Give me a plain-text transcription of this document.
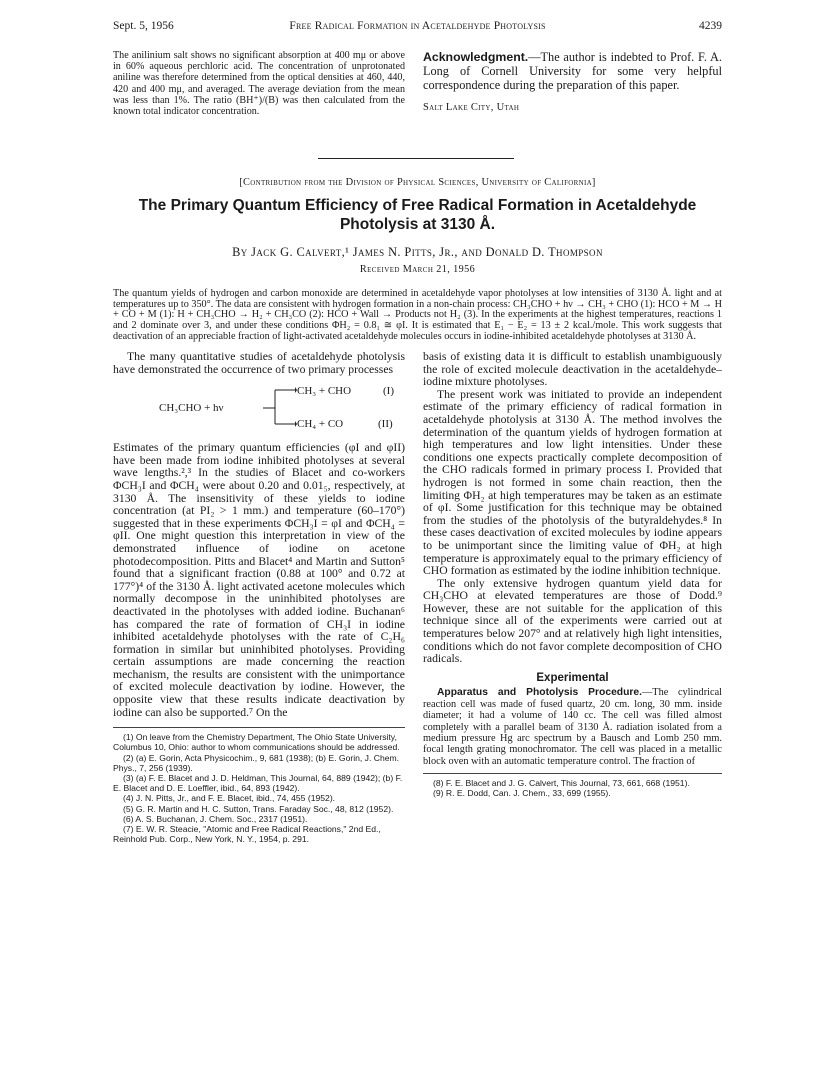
Sept. 5, 1956	Free Radical Formation in Acetaldehyde Photolysis	4239
The anilinium salt shows no significant absorption at 400 mμ or above in 60% aqueous perchloric acid. The concentration of unprotonated aniline was therefore determined from the optical densities at 460, 440, 420 and 400 mμ, and averaged. The average deviation from the mean was less than 1%. The ratio (BH⁺)/(B) was then calculated from the known total indicator concentration.
Acknowledgment.—The author is indebted to Prof. F. A. Long of Cornell University for some very helpful correspondence during the preparation of this paper.
Salt Lake City, Utah
[Contribution from the Division of Physical Sciences, University of California]
The Primary Quantum Efficiency of Free Radical Formation in Acetaldehyde Photolysis at 3130 Å.
By Jack G. Calvert,¹ James N. Pitts, Jr., and Donald D. Thompson
Received March 21, 1956
The quantum yields of hydrogen and carbon monoxide are determined in acetaldehyde vapor photolyses at low intensities of 3130 Å. light and at temperatures up to 350°. The data are consistent with hydrogen formation in a non-chain process: CH₃CHO + hν → CH₃ + CHO (1): HCO + M → H + CO + M (1): H + CH₃CHO → H₂ + CH₃CO (2): HCO + Wall → Products not H₂ (3). In the experiments at the highest temperatures, reactions 1 and 2 dominate over 3, and under these conditions ΦH₂ = 0.8₁ ≅ φI. It is estimated that E₁ − E₂ = 13 ± 2 kcal./mole. This work suggests that deactivation of an appreciable fraction of light-activated acetaldehyde molecules occurs in iodine-inhibited acetaldehyde photolyses at 3130 Å.
The many quantitative studies of acetaldehyde photolysis have demonstrated the occurrence of two primary processes
CH₃CHO + hν
CH₃ + CHO	(I)
CH₄ + CO	(II)
Estimates of the primary quantum efficiencies (φI and φII) have been made from iodine inhibited photolyses at several wave lengths.²,³ In the studies of Blacet and co-workers ΦCH₃I and ΦCH₄ were about 0.20 and 0.01₅, respectively, at 3130 Å. The insensitivity of these yields to iodine concentration (at PI₂ > 1 mm.) and temperature (60–170°) suggested that in these experiments ΦCH₃I = φI and ΦCH₄ = φII. One might question this interpretation in view of the demonstrated influence of iodine on acetone photodecomposition. Pitts and Blacet⁴ and Martin and Sutton⁵ found that a significant fraction (0.88 at 100° and 0.72 at 177°)⁴ of the 3130 Å. light activated acetone molecules which normally decompose in the uninhibited photolyses are deactivated in the photolyses with added iodine. Buchanan⁶ has compared the rate of formation of CH₃I in iodine inhibited acetaldehyde photolyses with the rate of C₂H₆ formation in similar but uninhibited photolyses. Providing certain assumptions are made concerning the reaction mechanism, the results are consistent with the unimportance of excited molecule deactivation by iodine. However, the opposite view that these results indicate deactivation by iodine can also be supported.⁷ On the
(1) On leave from the Chemistry Department, The Ohio State University, Columbus 10, Ohio: author to whom communications should be addressed.
(2) (a) E. Gorin, Acta Physicochim., 9, 681 (1938); (b) E. Gorin, J. Chem. Phys., 7, 256 (1939).
(3) (a) F. E. Blacet and J. D. Heldman, This Journal, 64, 889 (1942); (b) F. E. Blacet and D. E. Loeffler, ibid., 64, 893 (1942).
(4) J. N. Pitts, Jr., and F. E. Blacet, ibid., 74, 455 (1952).
(5) G. R. Martin and H. C. Sutton, Trans. Faraday Soc., 48, 812 (1952).
(6) A. S. Buchanan, J. Chem. Soc., 2317 (1951).
(7) E. W. R. Steacie, "Atomic and Free Radical Reactions," 2nd Ed., Reinhold Pub. Corp., New York, N. Y., 1954, p. 291.
basis of existing data it is difficult to establish unambiguously the role of excited molecule deactivation in the acetaldehyde–iodine mixture photolyses.
The present work was initiated to provide an independent estimate of the primary efficiency of radical formation in acetaldehyde photolysis at 3130 Å. The method involves the determination of the quantum yields of hydrogen formation at high temperatures and low light intensities. Under these conditions one expects practically complete decomposition of the CHO radicals formed in primary process I. Provided that hydrogen is not formed in some chain reaction, then the limiting ΦH₂ at high temperatures may be taken as an estimate of φI. Some justification for this technique may be obtained from the studies of the photolysis of the butyraldehydes.⁸ In these cases deactivation of excited molecules by iodine appears to be unimportant since the limiting value of ΦH₂ at high temperature is approximately equal to the primary efficiency of CHO formation as estimated by the iodine inhibition technique.
The only extensive hydrogen quantum yield data for CH₃CHO at elevated temperatures are those of Dodd.⁹ However, these are not suitable for the application of this technique since all of the experiments were carried out at temperatures below 207° and at relatively high light intensities, conditions which do not favor complete decomposition of CHO radicals.
Experimental
Apparatus and Photolysis Procedure.—The cylindrical reaction cell was made of fused quartz, 20 cm. long, 30 mm. inside diameter; it had a volume of 140 cc. The cell was filled almost completely with a parallel beam of 3130 Å. radiation isolated from a medium pressure Hg arc spectrum by a Bausch and Lomb 250 mm. focal length grating monochromator. The cell was placed in a metallic block oven with an automatic temperature control. The fraction of
(8) F. E. Blacet and J. G. Calvert, This Journal, 73, 661, 668 (1951).
(9) R. E. Dodd, Can. J. Chem., 33, 699 (1955).
